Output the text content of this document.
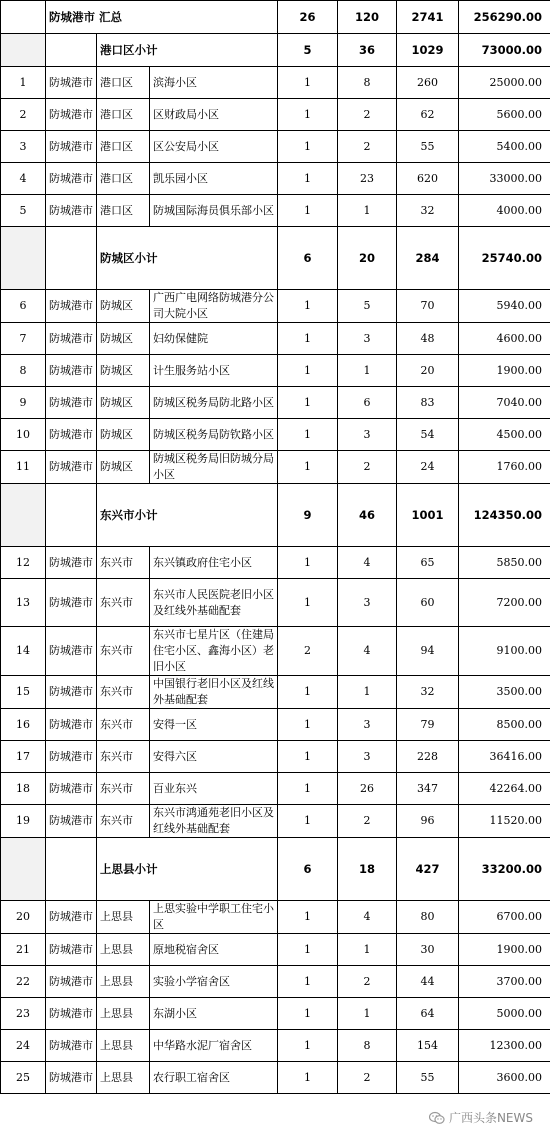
	防城港市 汇总			26	120	2741	256290.00
		港口区小计		5	36	1029	73000.00
1	防城港市	港口区	滨海小区	1	8	260	25000.00
2	防城港市	港口区	区财政局小区	1	2	62	5600.00
3	防城港市	港口区	区公安局小区	1	2	55	5400.00
4	防城港市	港口区	凯乐园小区	1	23	620	33000.00
5	防城港市	港口区	防城国际海员俱乐部小区	1	1	32	4000.00
		防城区小计		6	20	284	25740.00
6	防城港市	防城区	广西广电网络防城港分公司大院小区	1	5	70	5940.00
7	防城港市	防城区	妇幼保健院	1	3	48	4600.00
8	防城港市	防城区	计生服务站小区	1	1	20	1900.00
9	防城港市	防城区	防城区税务局防北路小区	1	6	83	7040.00
10	防城港市	防城区	防城区税务局防钦路小区	1	3	54	4500.00
11	防城港市	防城区	防城区税务局旧防城分局小区	1	2	24	1760.00
		东兴市小计		9	46	1001	124350.00
12	防城港市	东兴市	东兴镇政府住宅小区	1	4	65	5850.00
13	防城港市	东兴市	东兴市人民医院老旧小区及红线外基础配套	1	3	60	7200.00
14	防城港市	东兴市	东兴市七星片区（住建局住宅小区、鑫海小区）老旧小区	2	4	94	9100.00
15	防城港市	东兴市	中国银行老旧小区及红线外基础配套	1	1	32	3500.00
16	防城港市	东兴市	安得一区	1	3	79	8500.00
17	防城港市	东兴市	安得六区	1	3	228	36416.00
18	防城港市	东兴市	百业东兴	1	26	347	42264.00
19	防城港市	东兴市	东兴市鸿通苑老旧小区及红线外基础配套	1	2	96	11520.00
		上思县小计		6	18	427	33200.00
20	防城港市	上思县	上思实验中学职工住宅小区	1	4	80	6700.00
21	防城港市	上思县	原地税宿舍区	1	1	30	1900.00
22	防城港市	上思县	实验小学宿舍区	1	2	44	3700.00
23	防城港市	上思县	东湖小区	1	1	64	5000.00
24	防城港市	上思县	中华路水泥厂宿舍区	1	8	154	12300.00
25	防城港市	上思县	农行职工宿舍区	1	2	55	3600.00
广西头条NEWS
